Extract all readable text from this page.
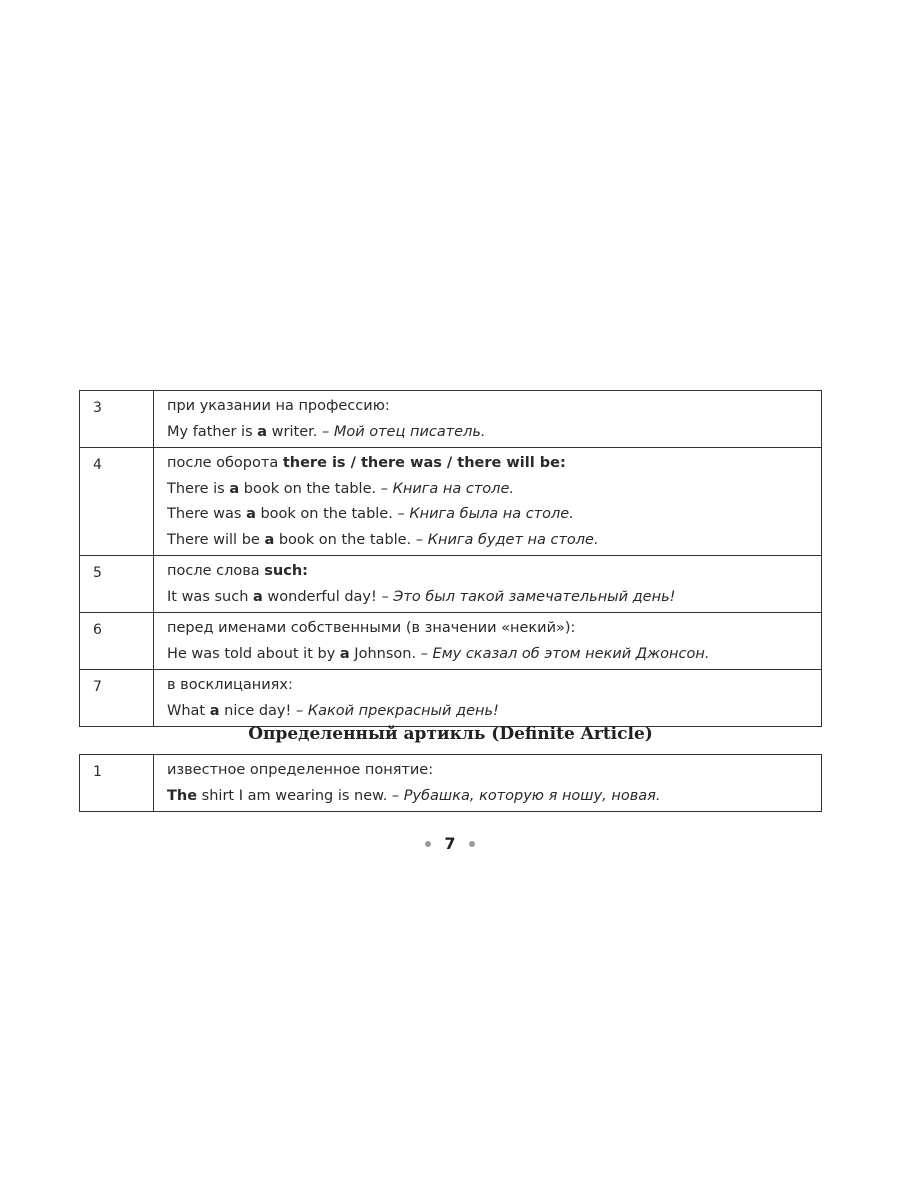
3	при указании на профессию:
My father is a writer. – Мой отец писатель.

4	после оборота there is / there was / there will be:
There is a book on the table. – Книга на столе.
There was a book on the table. – Книга была на столе.
There will be a book on the table. – Книга будет на столе.

5	после слова such:
It was such a wonderful day! – Это был такой замечательный день!

6	перед именами собственными (в значении «некий»):
He was told about it by a Johnson. – Ему сказал об этом некий Джонсон.

7	в восклицаниях:
What a nice day! – Какой прекрасный день!
Определенный артикль (Definite Article)
1	известное определенное понятие:
The shirt I am wearing is new. – Рубашка, которую я ношу, новая.
7
